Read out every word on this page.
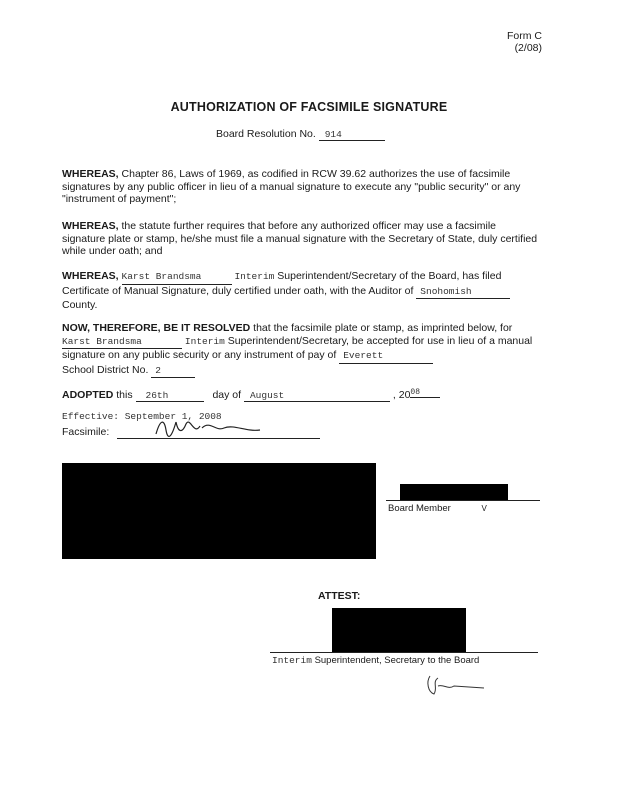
Form C
(2/08)
AUTHORIZATION OF FACSIMILE SIGNATURE
Board Resolution No. 914
WHEREAS, Chapter 86, Laws of 1969, as codified in RCW 39.62 authorizes the use of facsimile signatures by any public officer in lieu of a manual signature to execute any "public security" or any "instrument of payment";
WHEREAS, the statute further requires that before any authorized officer may use a facsimile signature plate or stamp, he/she must file a manual signature with the Secretary of State, duly certified while under oath; and
WHEREAS, Karst Brandsma	Interim Superintendent/Secretary of the Board, has filed Certificate of Manual Signature, duly certified under oath, with the Auditor of Snohomish
County.
NOW, THEREFORE, BE IT RESOLVED that the facsimile plate or stamp, as imprinted below, for Karst Brandsma	Interim Superintendent/Secretary, be accepted for use in lieu of a manual signature on any public security or any instrument of pay of Everett
School District No. 2
ADOPTED this 26th	day of August	, 2008
Effective: September 1, 2008
Facsimile:
Board Member	V
ATTEST:
Interim Superintendent, Secretary to the Board
